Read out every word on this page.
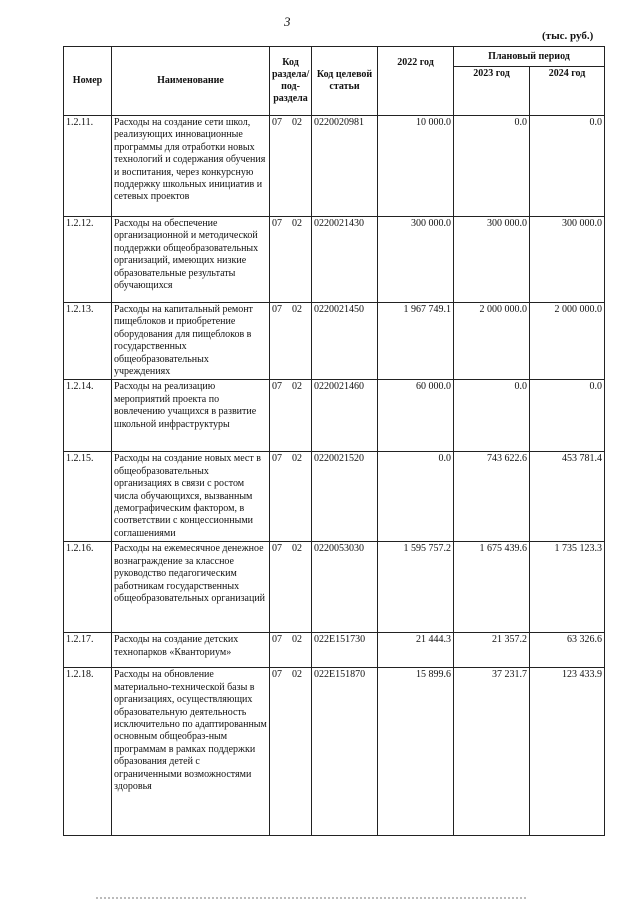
3
(тыс. руб.)
Номер	Наименование	Код раздела/ под-раздела	Код целевой статьи	2022 год	Плановый период	
					2023 год	2024 год
1.2.11.	Расходы на создание сети школ, реализующих инновационные программы для отработки новых технологий и содержания обучения и воспитания, через конкурсную поддержку школьных инициатив и сетевых проектов	07 02	0220020981	10 000.0	0.0	0.0
1.2.12.	Расходы на обеспечение организационной и методической поддержки общеобразовательных организаций, имеющих низкие образовательные результаты обучающихся	07 02	0220021430	300 000.0	300 000.0	300 000.0
1.2.13.	Расходы на капитальный ремонт пищеблоков и приобретение оборудования для пищеблоков в государственных общеобразовательных учреждениях	07 02	0220021450	1 967 749.1	2 000 000.0	2 000 000.0
1.2.14.	Расходы на реализацию мероприятий проекта по вовлечению учащихся в развитие школьной инфраструктуры	07 02	0220021460	60 000.0	0.0	0.0
1.2.15.	Расходы на создание новых мест в общеобразовательных организациях в связи с ростом числа обучающихся, вызванным демографическим фактором, в соответствии с концессионными соглашениями	07 02	0220021520	0.0	743 622.6	453 781.4
1.2.16.	Расходы на ежемесячное денежное вознаграждение за классное руководство педагогическим работникам государственных общеобразовательных организаций	07 02	0220053030	1 595 757.2	1 675 439.6	1 735 123.3
1.2.17.	Расходы на создание детских технопарков «Кванториум»	07 02	022E151730	21 444.3	21 357.2	63 326.6
1.2.18.	Расходы на обновление материально-технической базы в организациях, осуществляющих образовательную деятельность исключительно по адаптированным основным общеобраз-ным программам в рамках поддержки образования детей с ограниченными возможностями здоровья	07 02	022E151870	15 899.6	37 231.7	123 433.9
